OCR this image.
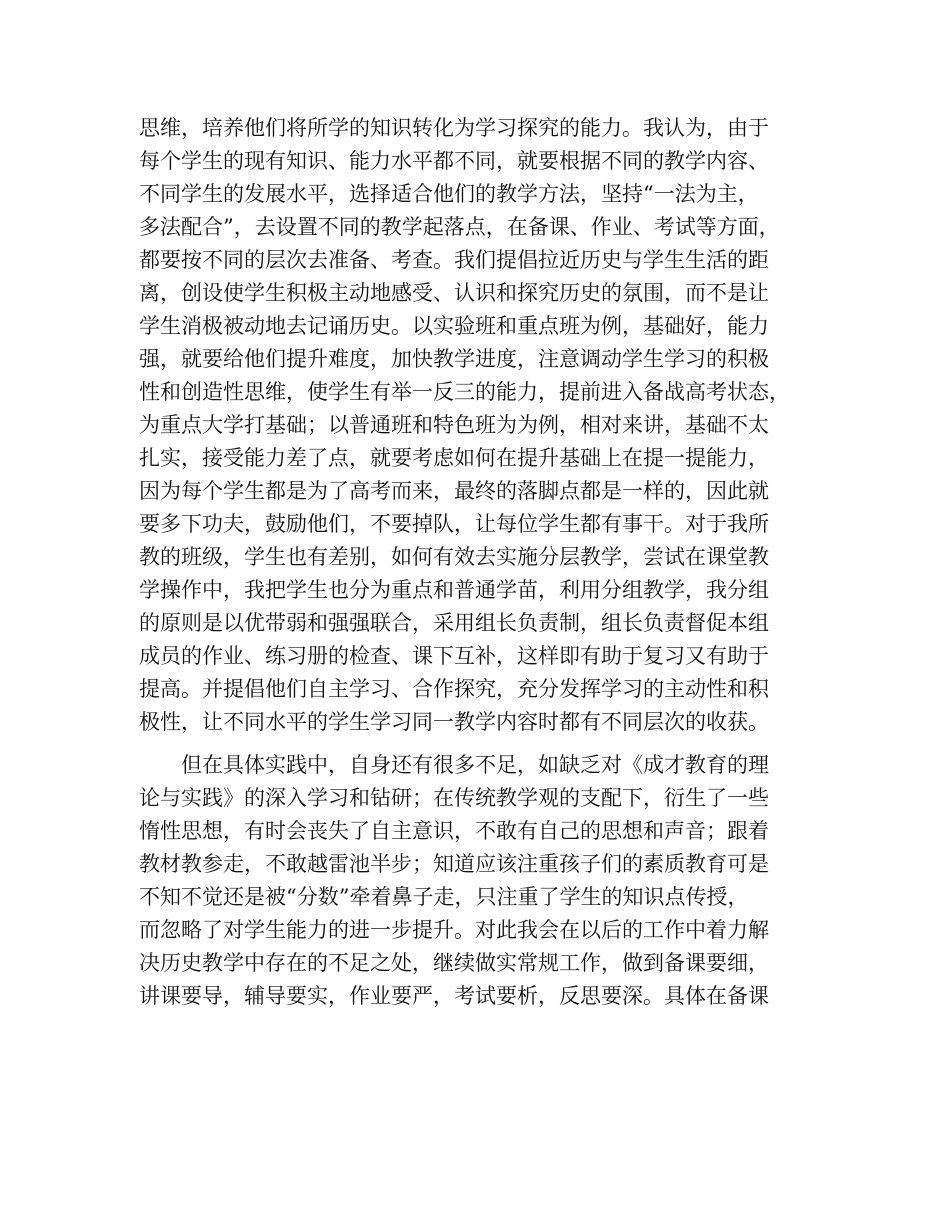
思维，培养他们将所学的知识转化为学习探究的能力。我认为，由于
每个学生的现有知识、能力水平都不同，就要根据不同的教学内容、
不同学生的发展水平，选择适合他们的教学方法，坚持“一法为主，
多法配合”，去设置不同的教学起落点，在备课、作业、考试等方面，
都要按不同的层次去准备、考查。我们提倡拉近历史与学生生活的距
离，创设使学生积极主动地感受、认识和探究历史的氛围，而不是让
学生消极被动地去记诵历史。以实验班和重点班为例，基础好，能力
强，就要给他们提升难度，加快教学进度，注意调动学生学习的积极
性和创造性思维，使学生有举一反三的能力，提前进入备战高考状态，
为重点大学打基础；以普通班和特色班为为例，相对来讲，基础不太
扎实，接受能力差了点，就要考虑如何在提升基础上在提一提能力，
因为每个学生都是为了高考而来，最终的落脚点都是一样的，因此就
要多下功夫，鼓励他们，不要掉队，让每位学生都有事干。对于我所
教的班级，学生也有差别，如何有效去实施分层教学，尝试在课堂教
学操作中，我把学生也分为重点和普通学苗，利用分组教学，我分组
的原则是以优带弱和强强联合，采用组长负责制，组长负责督促本组
成员的作业、练习册的检查、课下互补，这样即有助于复习又有助于
提高。并提倡他们自主学习、合作探究，充分发挥学习的主动性和积
极性，让不同水平的学生学习同一教学内容时都有不同层次的收获。
但在具体实践中，自身还有很多不足，如缺乏对《成才教育的理
论与实践》的深入学习和钻研；在传统教学观的支配下，衍生了一些
惰性思想，有时会丧失了自主意识，不敢有自己的思想和声音；跟着
教材教参走，不敢越雷池半步；知道应该注重孩子们的素质教育可是
不知不觉还是被“分数”牵着鼻子走，只注重了学生的知识点传授，
而忽略了对学生能力的进一步提升。对此我会在以后的工作中着力解
决历史教学中存在的不足之处，继续做实常规工作，做到备课要细，
讲课要导，辅导要实，作业要严，考试要析，反思要深。具体在备课
